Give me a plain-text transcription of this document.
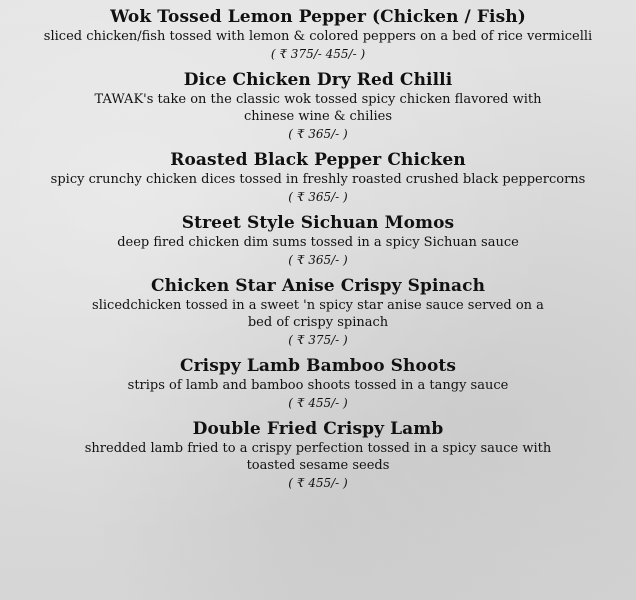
Wok Tossed Lemon Pepper (Chicken / Fish)
sliced chicken/fish tossed with lemon & colored peppers on a bed of rice vermicelli
( ₹ 375/- 455/- )
Dice Chicken Dry Red Chilli
TAWAK's take on the classic wok tossed spicy chicken flavored with chinese wine & chilies
( ₹ 365/- )
Roasted Black Pepper Chicken
spicy crunchy chicken dices tossed in freshly roasted crushed black peppercorns
( ₹ 365/- )
Street Style Sichuan Momos
deep fired chicken dim sums tossed in a spicy Sichuan sauce
( ₹ 365/- )
Chicken Star Anise Crispy Spinach
slicedchicken tossed in a sweet 'n spicy star anise sauce served on a bed of crispy spinach
( ₹ 375/- )
Crispy Lamb Bamboo Shoots
strips of lamb and bamboo shoots tossed in a tangy sauce
( ₹ 455/- )
Double Fried Crispy Lamb
shredded lamb fried to a crispy perfection tossed in a spicy sauce with toasted sesame seeds
( ₹ 455/- )
